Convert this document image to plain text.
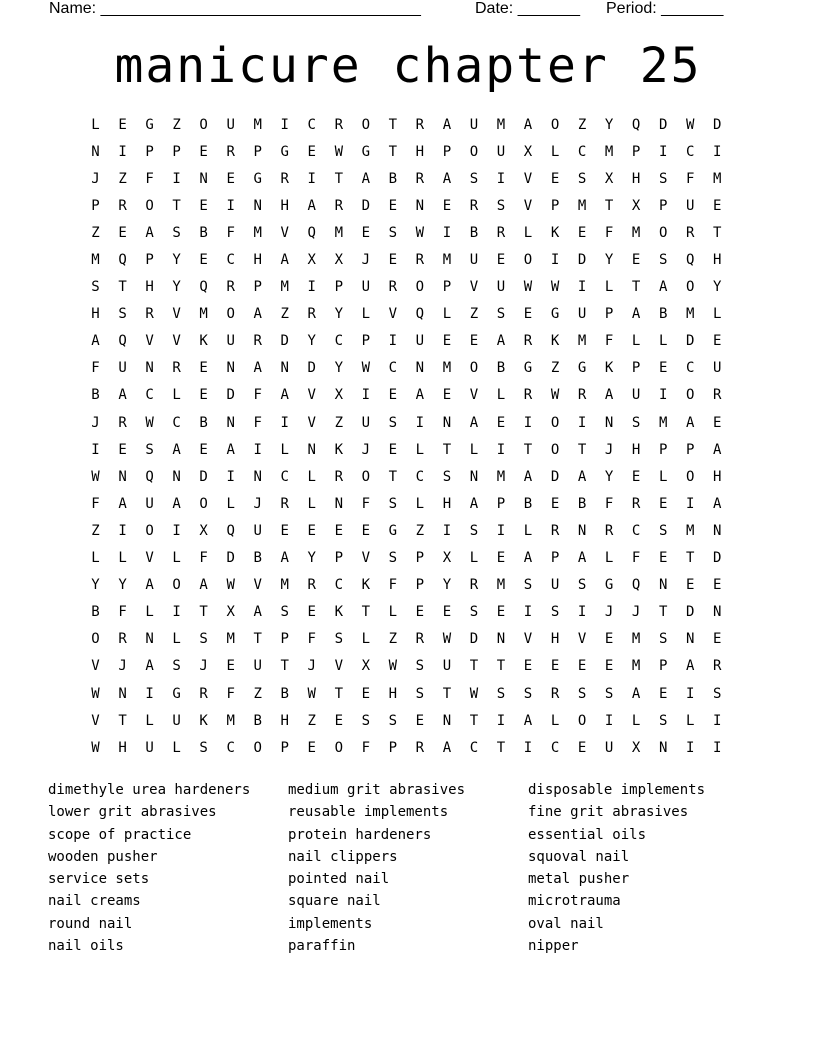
Name: ____________________________________	Date: _______ Period: _______
manicure chapter 25
L	E	G	Z	O	U	M	I	C	R	O	T	R	A	U	M	A	O	Z	Y	Q	D	W	D
N	I	P	P	E	R	P	G	E	W	G	T	H	P	O	U	X	L	C	M	P	I	C	I
J	Z	F	I	N	E	G	R	I	T	A	B	R	A	S	I	V	E	S	X	H	S	F	M
P	R	O	T	E	I	N	H	A	R	D	E	N	E	R	S	V	P	M	T	X	P	U	E
Z	E	A	S	B	F	M	V	Q	M	E	S	W	I	B	R	L	K	E	F	M	O	R	T
M	Q	P	Y	E	C	H	A	X	X	J	E	R	M	U	E	O	I	D	Y	E	S	Q	H
S	T	H	Y	Q	R	P	M	I	P	U	R	O	P	V	U	W	W	I	L	T	A	O	Y
H	S	R	V	M	O	A	Z	R	Y	L	V	Q	L	Z	S	E	G	U	P	A	B	M	L
A	Q	V	V	K	U	R	D	Y	C	P	I	U	E	E	A	R	K	M	F	L	L	D	E
F	U	N	R	E	N	A	N	D	Y	W	C	N	M	O	B	G	Z	G	K	P	E	C	U
B	A	C	L	E	D	F	A	V	X	I	E	A	E	V	L	R	W	R	A	U	I	O	R
J	R	W	C	B	N	F	I	V	Z	U	S	I	N	A	E	I	O	I	N	S	M	A	E
I	E	S	A	E	A	I	L	N	K	J	E	L	T	L	I	T	O	T	J	H	P	P	A
W	N	Q	N	D	I	N	C	L	R	O	T	C	S	N	M	A	D	A	Y	E	L	O	H
F	A	U	A	O	L	J	R	L	N	F	S	L	H	A	P	B	E	B	F	R	E	I	A
Z	I	O	I	X	Q	U	E	E	E	E	G	Z	I	S	I	L	R	N	R	C	S	M	N
L	L	V	L	F	D	B	A	Y	P	V	S	P	X	L	E	A	P	A	L	F	E	T	D
Y	Y	A	O	A	W	V	M	R	C	K	F	P	Y	R	M	S	U	S	G	Q	N	E	E
B	F	L	I	T	X	A	S	E	K	T	L	E	E	S	E	I	S	I	J	J	T	D	N
O	R	N	L	S	M	T	P	F	S	L	Z	R	W	D	N	V	H	V	E	M	S	N	E
V	J	A	S	J	E	U	T	J	V	X	W	S	U	T	T	E	E	E	E	M	P	A	R
W	N	I	G	R	F	Z	B	W	T	E	H	S	T	W	S	S	R	S	S	A	E	I	S
V	T	L	U	K	M	B	H	Z	E	S	S	E	N	T	I	A	L	O	I	L	S	L	I
W	H	U	L	S	C	O	P	E	O	F	P	R	A	C	T	I	C	E	U	X	N	I	I
dimethyle urea hardeners
lower grit abrasives
scope of practice
wooden pusher
service sets
nail creams
round nail
nail oils
medium grit abrasives
reusable implements
protein hardeners
nail clippers
pointed nail
square nail
implements
paraffin
disposable implements
fine grit abrasives
essential oils
squoval nail
metal pusher
microtrauma
oval nail
nipper
